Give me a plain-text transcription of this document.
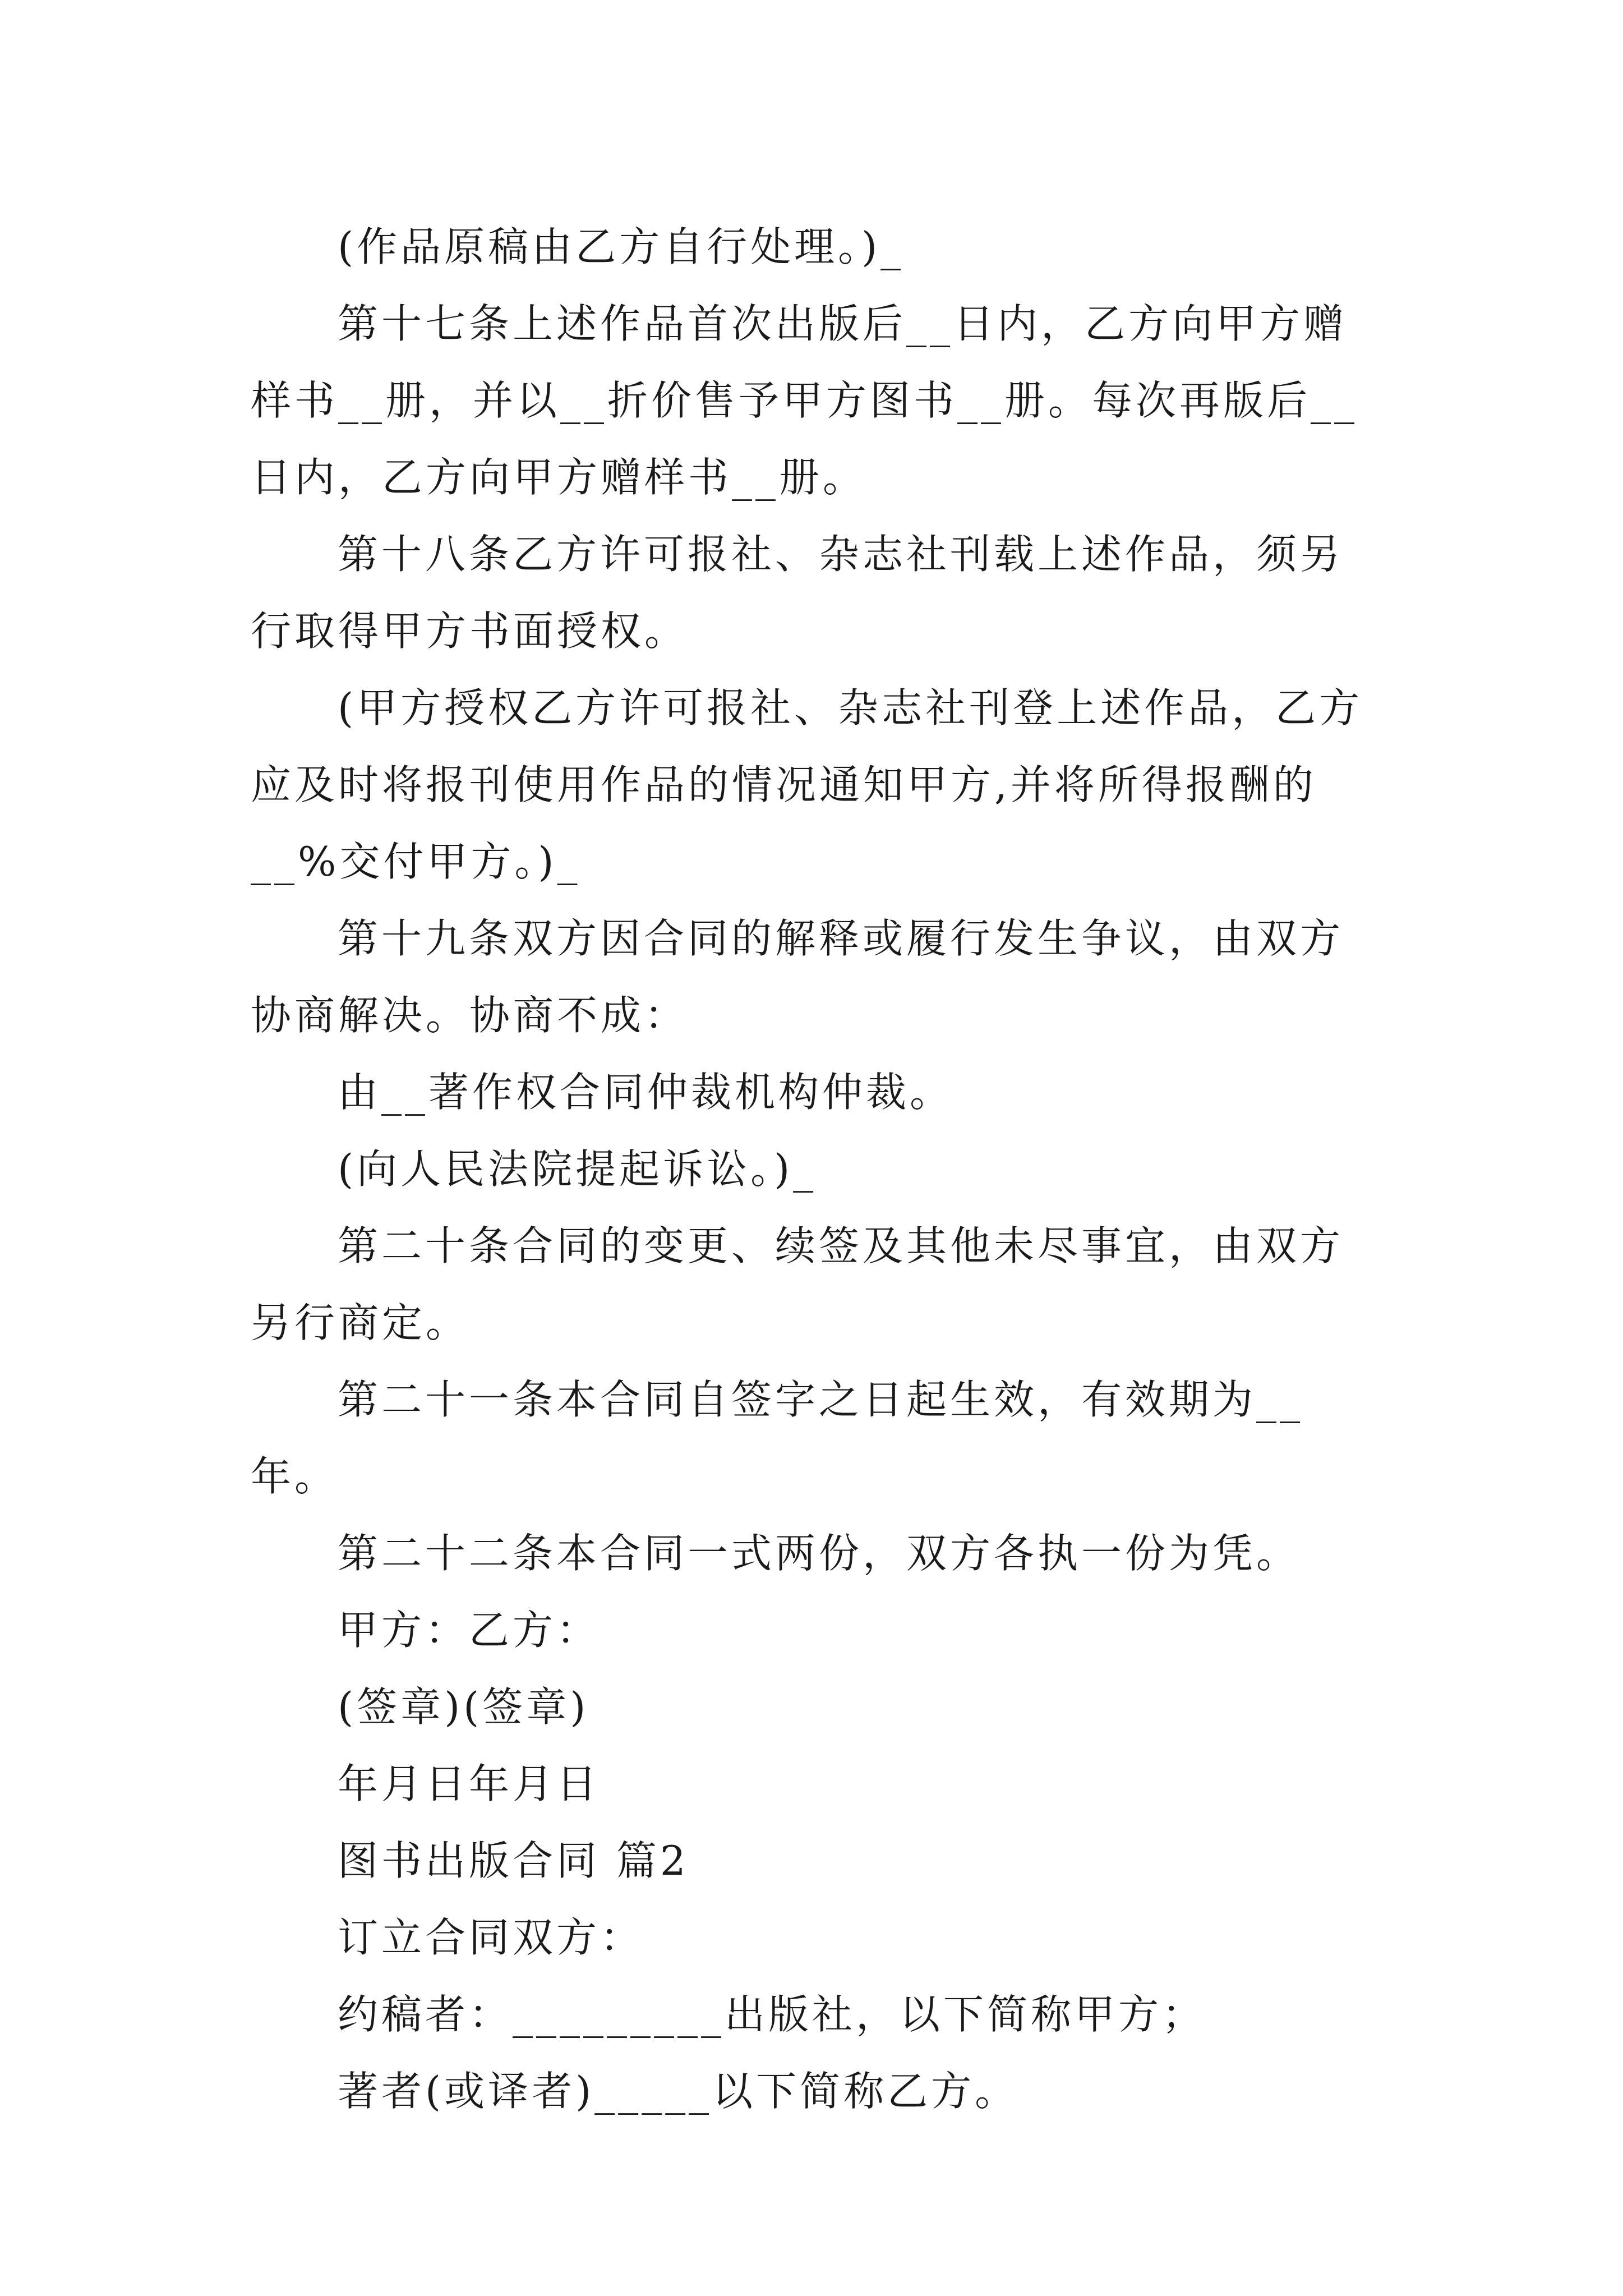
(作品原稿由乙方自行处理。)_

第十七条上述作品首次出版后__日内，乙方向甲方赠样书__册，并以__折价售予甲方图书__册。每次再版后__日内，乙方向甲方赠样书__册。

第十八条乙方许可报社、杂志社刊载上述作品，须另行取得甲方书面授权。

(甲方授权乙方许可报社、杂志社刊登上述作品，乙方应及时将报刊使用作品的情况通知甲方,并将所得报酬的__%交付甲方。)_

第十九条双方因合同的解释或履行发生争议，由双方协商解决。协商不成：

由__著作权合同仲裁机构仲裁。

(向人民法院提起诉讼。)_

第二十条合同的变更、续签及其他未尽事宜，由双方另行商定。

第二十一条本合同自签字之日起生效，有效期为__年。

第二十二条本合同一式两份，双方各执一份为凭。

甲方：乙方：

(签章)(签章)

年月日年月日

图书出版合同 篇2

订立合同双方：

约稿者：_________出版社，以下简称甲方；

著者(或译者)_____以下简称乙方。
